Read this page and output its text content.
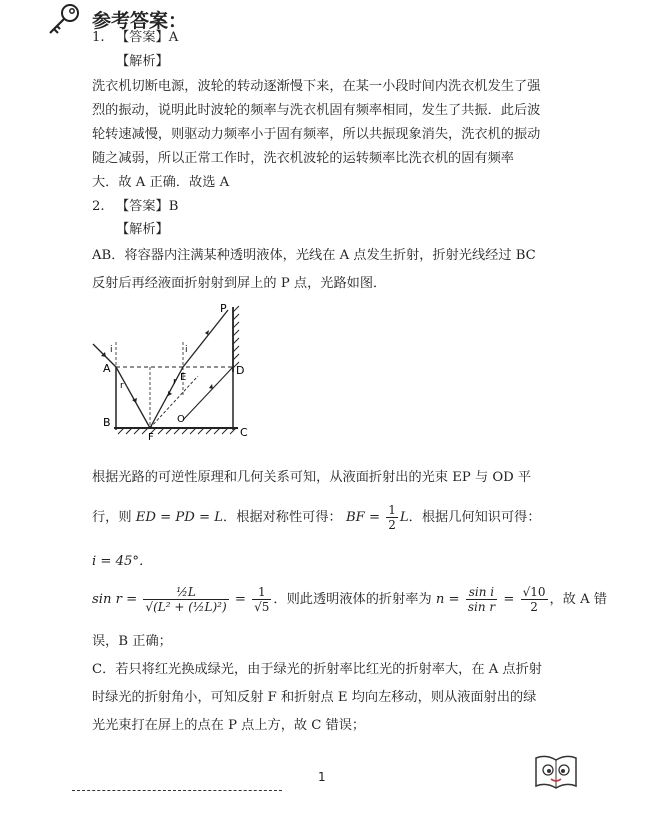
参考答案：
1. 【答案】A
【解析】
洗衣机切断电源，波轮的转动逐渐慢下来，在某一小段时间内洗衣机发生了强
烈的振动，说明此时波轮的频率与洗衣机固有频率相同，发生了共振．此后波
轮转速减慢，则驱动力频率小于固有频率，所以共振现象消失，洗衣机的振动
随之减弱，所以正常工作时，洗衣机波轮的运转频率比洗衣机的固有频率
大．故 A 正确．故选 A
2. 【答案】B
【解析】
AB．将容器内注满某种透明液体，光线在 A 点发生折射，折射光线经过 BC
反射后再经液面折射射到屏上的 P 点，光路如图．
P
A	D
E
B
C
F
O
i
r
i
r
根据光路的可逆性原理和几何关系可知，从液面折射出的光束 EP 与 OD 平
行，则 ED = PD = L．根据对称性可得： BF = $\frac{1}{2}$ L．根据几何知识可得：
i = 45°．
$\sin r = \frac{\text{½L}}{\text{√(L² + (½L)²)}} = \frac{1}{√5}$ ．则此透明液体的折射率为 $n = \frac{\text{sin i}}{\text{sin r}} = \frac{√10}{2}$ ，故 A 错
误，B 正确；
C．若只将红光换成绿光，由于绿光的折射率比红光的折射率大，在 A 点折射
时绿光的折射角小，可知反射 F 和折射点 E 均向左移动，则从液面射出的绿
光光束打在屏上的点在 P 点上方，故 C 错误；
1
